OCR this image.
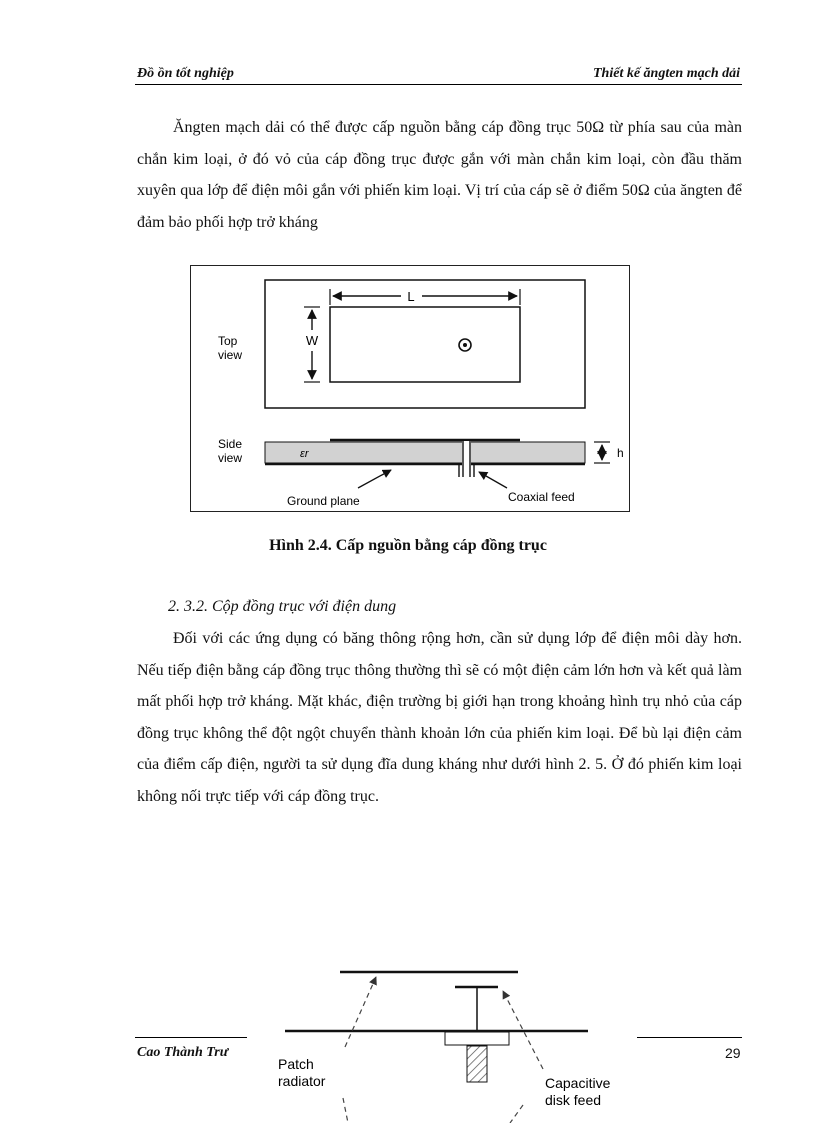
Đồ ồn tốt nghiệp	Thiết kế ăngten mạch dải

Ăngten mạch dải có thể được cấp nguồn bằng cáp đồng trục 50Ω từ phía sau của màn chắn kim loại, ở đó vỏ của cáp đồng trục được gắn với màn chắn kim loại, còn đầu thăm xuyên qua lớp để điện môi gắn với phiến kim loại. Vị trí của cáp sẽ ở điểm 50Ω của ăngten để đảm bảo phối hợp trở kháng

L
W
Top
view
εr
Side
view	h
Ground plane	Coaxial feed
Hình 2.4. Cấp nguồn bằng cáp đồng trục
2. 3.2. Cộp đồng trục với điện dung

Đối với các ứng dụng có băng thông rộng hơn, cần sử dụng lớp để điện môi dày hơn. Nếu tiếp điện bằng cáp đồng trục thông thường thì sẽ có một điện cảm lớn hơn và kết quả làm mất phối hợp trở kháng. Mặt khác, điện trường bị giới hạn trong khoảng hình trụ nhỏ của cáp đồng trục không thể đột ngột chuyển thành khoản lớn của phiến kim loại. Để bù lại điện cảm của điểm cấp điện, người ta sử dụng đĩa dung kháng như dưới hình 2. 5. Ở đó phiến kim loại không nối trực tiếp với cáp đồng trục.

Patch
radiator	Capacitive
disk feed
Cao Thành Trư	29
